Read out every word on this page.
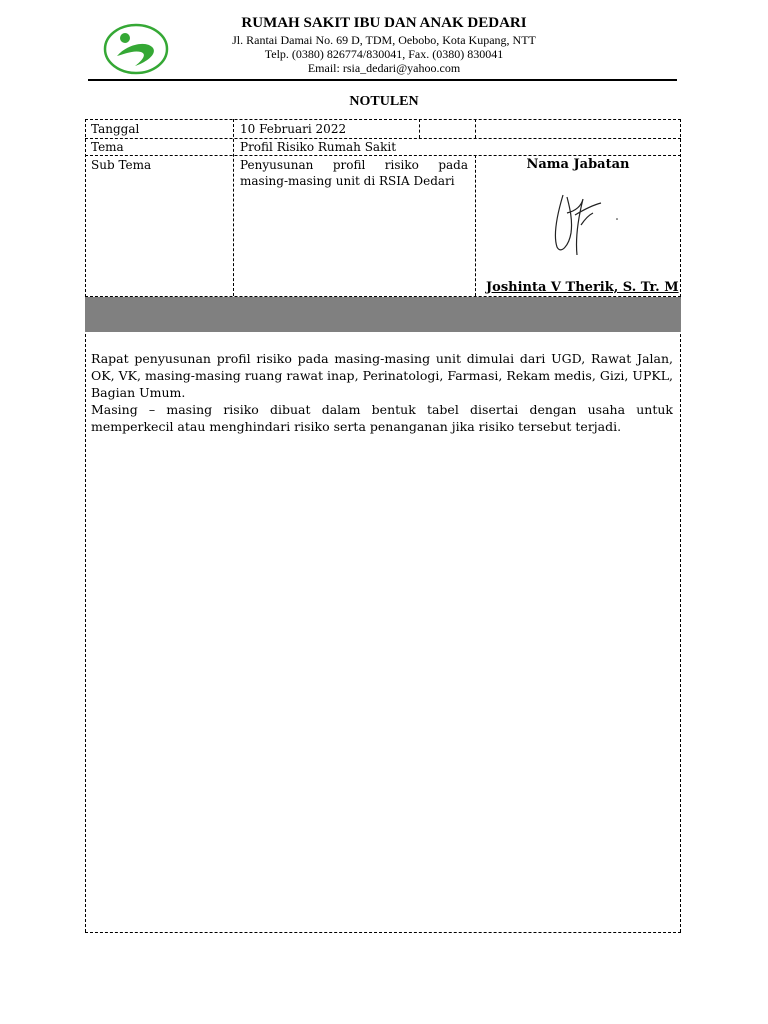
RUMAH SAKIT IBU DAN ANAK DEDARI
Jl. Rantai Damai No. 69 D, TDM, Oebobo, Kota Kupang, NTT
Telp. (0380) 826774/830041, Fax. (0380) 830041
Email: rsia_dedari@yahoo.com
NOTULEN
Tanggal	10 Februari 2022
Tema	Profil Risiko Rumah Sakit
Sub Tema	Penyusunan profil risiko pada masing-masing unit di RSIA Dedari
Nama Jabatan
Joshinta V Therik, S. Tr. M

Rapat penyusunan profil risiko pada masing-masing unit dimulai dari UGD, Rawat Jalan, OK, VK, masing-masing ruang rawat inap, Perinatologi, Farmasi, Rekam medis, Gizi, UPKL, Bagian Umum.

Masing – masing risiko dibuat dalam bentuk tabel disertai dengan usaha untuk memperkecil atau menghindari risiko serta penanganan jika risiko tersebut terjadi.
